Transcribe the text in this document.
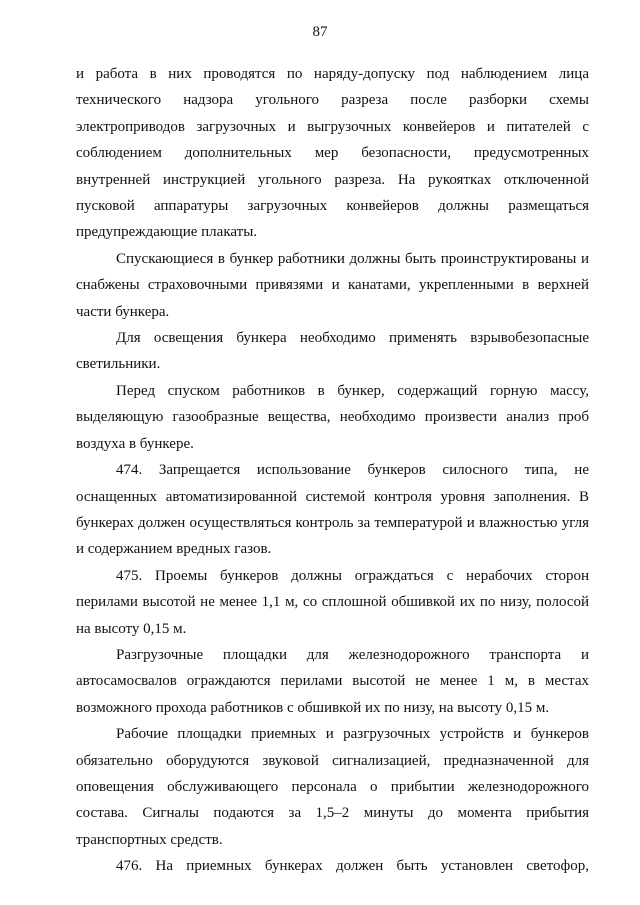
87

и работа в них проводятся по наряду-допуску под наблюдением лица технического надзора угольного разреза после разборки схемы электроприводов загрузочных и выгрузочных конвейеров и питателей с соблюдением дополнительных мер безопасности, предусмотренных внутренней инструкцией угольного разреза. На рукоятках отключенной пусковой аппаратуры загрузочных конвейеров должны размещаться предупреждающие плакаты.

Спускающиеся в бункер работники должны быть проинструктированы и снабжены страховочными привязями и канатами, укрепленными в верхней части бункера.

Для освещения бункера необходимо применять взрывобезопасные светильники.

Перед спуском работников в бункер, содержащий горную массу, выделяющую газообразные вещества, необходимо произвести анализ проб воздуха в бункере.

474. Запрещается использование бункеров силосного типа, не оснащенных автоматизированной системой контроля уровня заполнения. В бункерах должен осуществляться контроль за температурой и влажностью угля и содержанием вредных газов.

475. Проемы бункеров должны ограждаться с нерабочих сторон перилами высотой не менее 1,1 м, со сплошной обшивкой их по низу, полосой на высоту 0,15 м.

Разгрузочные площадки для железнодорожного транспорта и автосамосвалов ограждаются перилами высотой не менее 1 м, в местах возможного прохода работников с обшивкой их по низу, на высоту 0,15 м.

Рабочие площадки приемных и разгрузочных устройств и бункеров обязательно оборудуются звуковой сигнализацией, предназначенной для оповещения обслуживающего персонала о прибытии железнодорожного состава. Сигналы подаются за 1,5–2 минуты до момента прибытия транспортных средств.

476. На приемных бункерах должен быть установлен светофор,
